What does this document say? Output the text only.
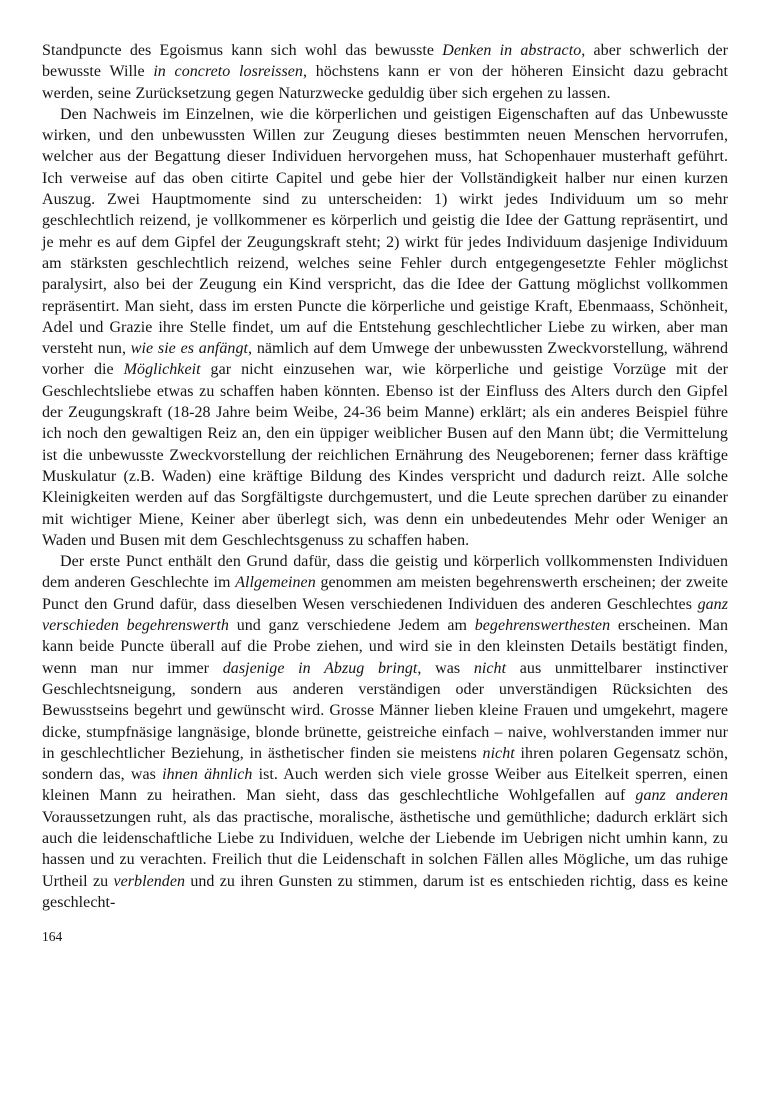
Standpuncte des Egoismus kann sich wohl das bewusste Denken in abstracto, aber schwerlich der bewusste Wille in concreto losreissen, höchstens kann er von der höheren Einsicht dazu gebracht werden, seine Zurücksetzung gegen Naturzwecke geduldig über sich ergehen zu lassen.

Den Nachweis im Einzelnen, wie die körperlichen und geistigen Eigenschaften auf das Unbewusste wirken, und den unbewussten Willen zur Zeugung dieses bestimmten neuen Menschen hervorrufen, welcher aus der Begattung dieser Individuen hervorgehen muss, hat Schopenhauer musterhaft geführt. Ich verweise auf das oben citirte Capitel und gebe hier der Vollständigkeit halber nur einen kurzen Auszug. Zwei Hauptmomente sind zu unterscheiden: 1) wirkt jedes Individuum um so mehr geschlechtlich reizend, je vollkommener es körperlich und geistig die Idee der Gattung repräsentirt, und je mehr es auf dem Gipfel der Zeugungskraft steht; 2) wirkt für jedes Individuum dasjenige Individuum am stärksten geschlechtlich reizend, welches seine Fehler durch entgegengesetzte Fehler möglichst paralysirt, also bei der Zeugung ein Kind verspricht, das die Idee der Gattung möglichst vollkommen repräsentirt. Man sieht, dass im ersten Puncte die körperliche und geistige Kraft, Ebenmaass, Schönheit, Adel und Grazie ihre Stelle findet, um auf die Entstehung geschlechtlicher Liebe zu wirken, aber man versteht nun, wie sie es anfängt, nämlich auf dem Umwege der unbewussten Zweckvorstellung, während vorher die Möglichkeit gar nicht einzusehen war, wie körperliche und geistige Vorzüge mit der Geschlechtsliebe etwas zu schaffen haben könnten. Ebenso ist der Einfluss des Alters durch den Gipfel der Zeugungskraft (18-28 Jahre beim Weibe, 24-36 beim Manne) erklärt; als ein anderes Beispiel führe ich noch den gewaltigen Reiz an, den ein üppiger weiblicher Busen auf den Mann übt; die Vermittelung ist die unbewusste Zweckvorstellung der reichlichen Ernährung des Neugeborenen; ferner dass kräftige Muskulatur (z.B. Waden) eine kräftige Bildung des Kindes verspricht und dadurch reizt. Alle solche Kleinigkeiten werden auf das Sorgfältigste durchgemustert, und die Leute sprechen darüber zu einander mit wichtiger Miene, Keiner aber überlegt sich, was denn ein unbedeutendes Mehr oder Weniger an Waden und Busen mit dem Geschlechtsgenuss zu schaffen haben.

Der erste Punct enthält den Grund dafür, dass die geistig und körperlich vollkommensten Individuen dem anderen Geschlechte im Allgemeinen genommen am meisten begehrenswerth erscheinen; der zweite Punct den Grund dafür, dass dieselben Wesen verschiedenen Individuen des anderen Geschlechtes ganz verschieden begehrenswerth und ganz verschiedene Jedem am begehrenswerthesten erscheinen. Man kann beide Puncte überall auf die Probe ziehen, und wird sie in den kleinsten Details bestätigt finden, wenn man nur immer dasjenige in Abzug bringt, was nicht aus unmittelbarer instinctiver Geschlechtsneigung, sondern aus anderen verständigen oder unverständigen Rücksichten des Bewusstseins begehrt und gewünscht wird. Grosse Männer lieben kleine Frauen und umgekehrt, magere dicke, stumpfnäsige langnäsige, blonde brünette, geistreiche einfach – naive, wohlverstanden immer nur in geschlechtlicher Beziehung, in ästhetischer finden sie meistens nicht ihren polaren Gegensatz schön, sondern das, was ihnen ähnlich ist. Auch werden sich viele grosse Weiber aus Eitelkeit sperren, einen kleinen Mann zu heirathen. Man sieht, dass das geschlechtliche Wohlgefallen auf ganz anderen Voraussetzungen ruht, als das practische, moralische, ästhetische und gemüthliche; dadurch erklärt sich auch die leidenschaftliche Liebe zu Individuen, welche der Liebende im Uebrigen nicht umhin kann, zu hassen und zu verachten. Freilich thut die Leidenschaft in solchen Fällen alles Mögliche, um das ruhige Urtheil zu verblenden und zu ihren Gunsten zu stimmen, darum ist es entschieden richtig, dass es keine geschlecht-

164
